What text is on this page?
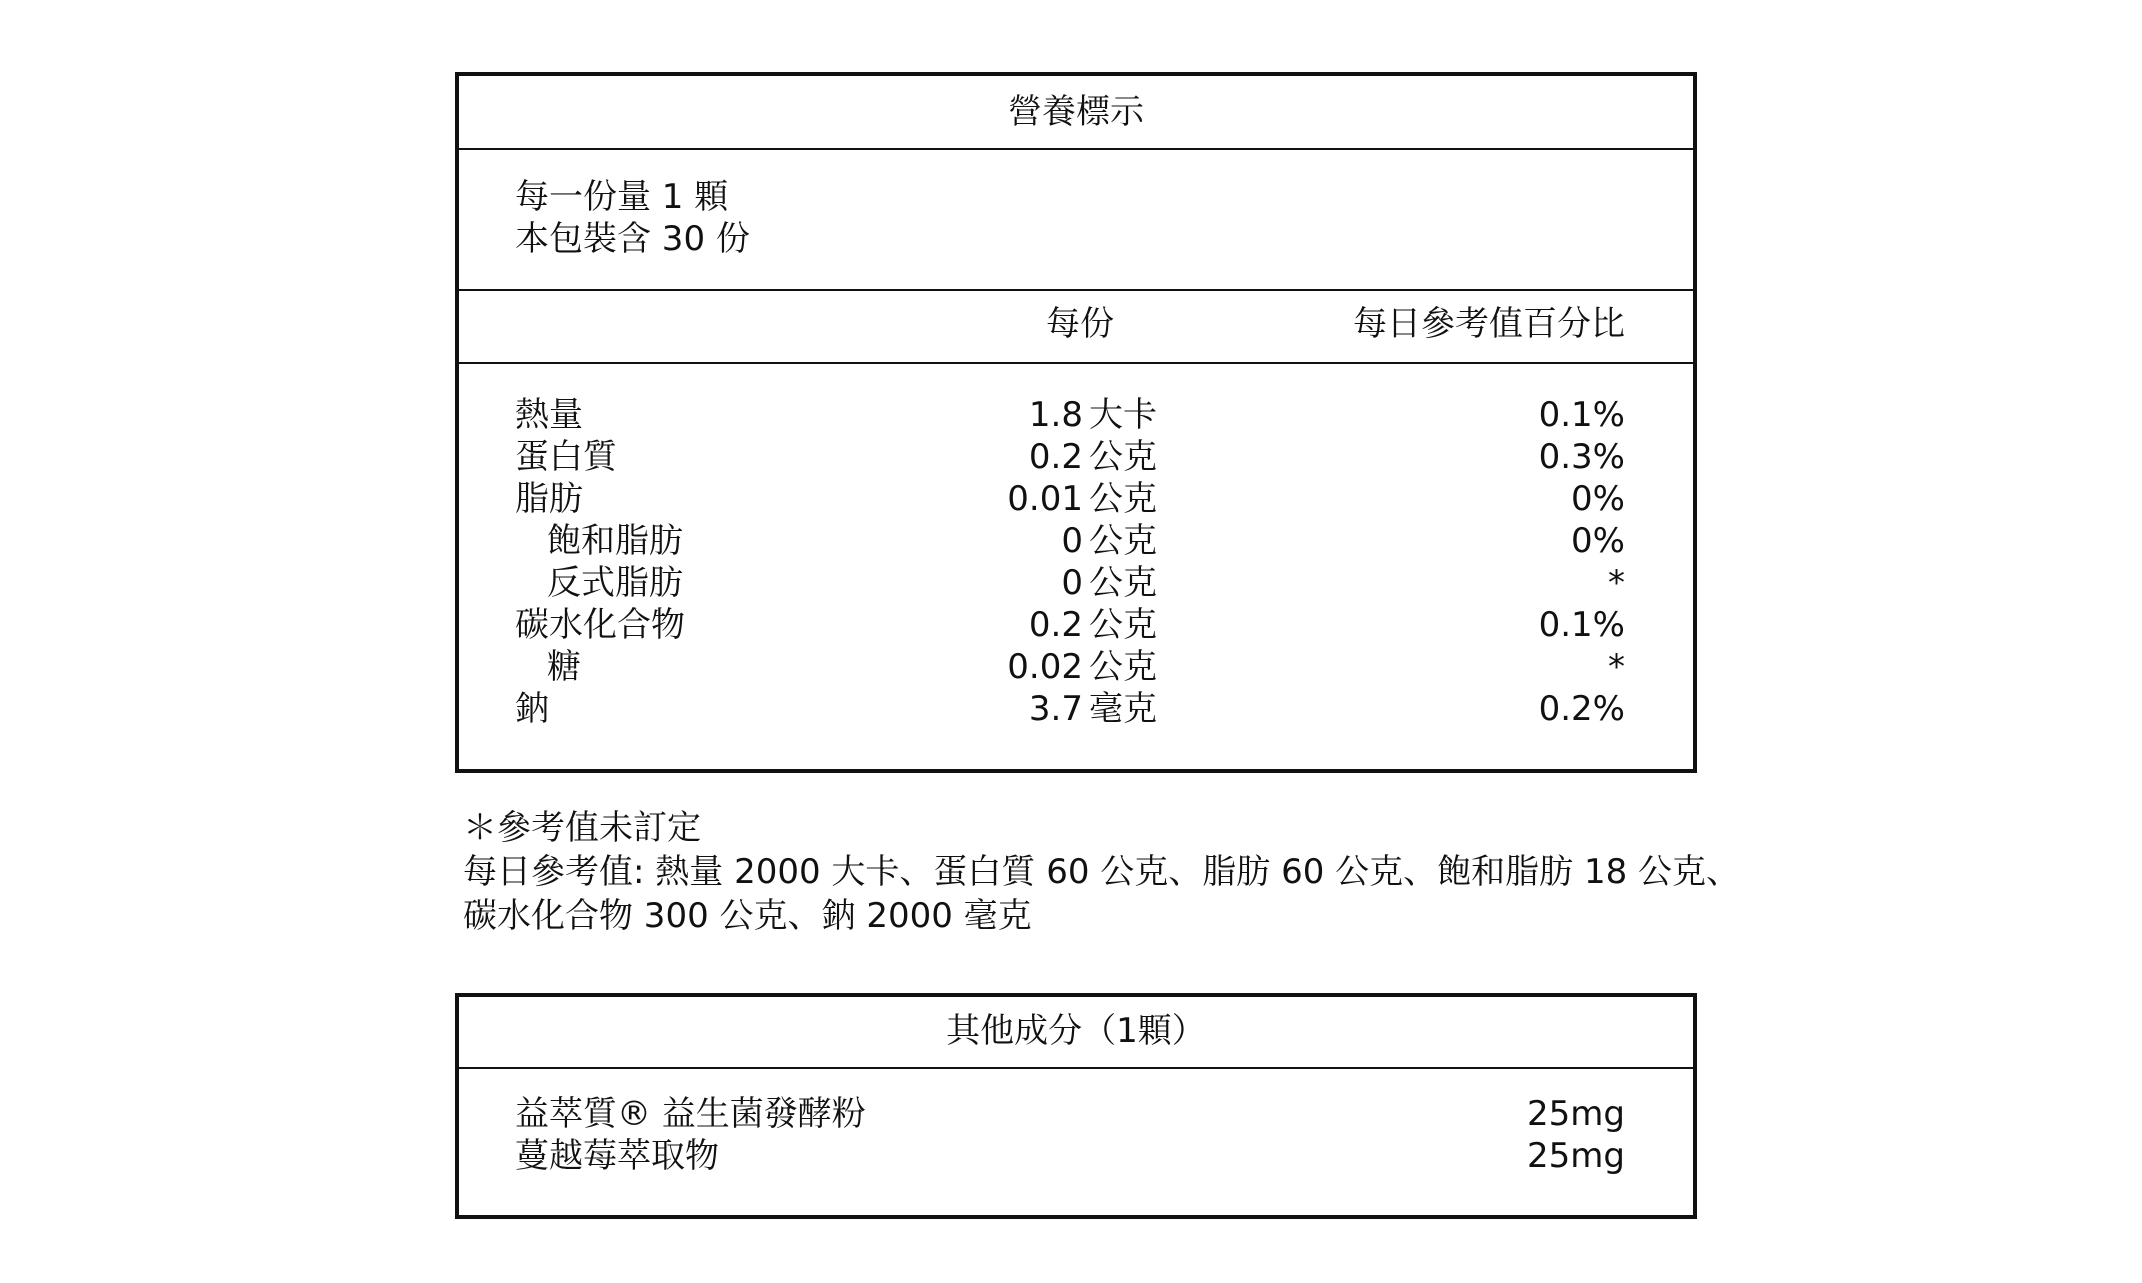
營養標示
每一份量 1 顆
本包裝含 30 份
每份	每日參考值百分比
熱量	1.8 大卡	0.1%
蛋白質	0.2 公克	0.3%
脂肪	0.01 公克	0%
飽和脂肪	0 公克	0%
反式脂肪	0 公克	*
碳水化合物	0.2 公克	0.1%
糖	0.02 公克	*
鈉	3.7 毫克	0.2%
＊參考值未訂定
每日參考值: 熱量 2000 大卡、蛋白質 60 公克、脂肪 60 公克、飽和脂肪 18 公克、
碳水化合物 300 公克、鈉 2000 毫克
其他成分（1顆）
益萃質® 益生菌發酵粉	25mg
蔓越莓萃取物	25mg
